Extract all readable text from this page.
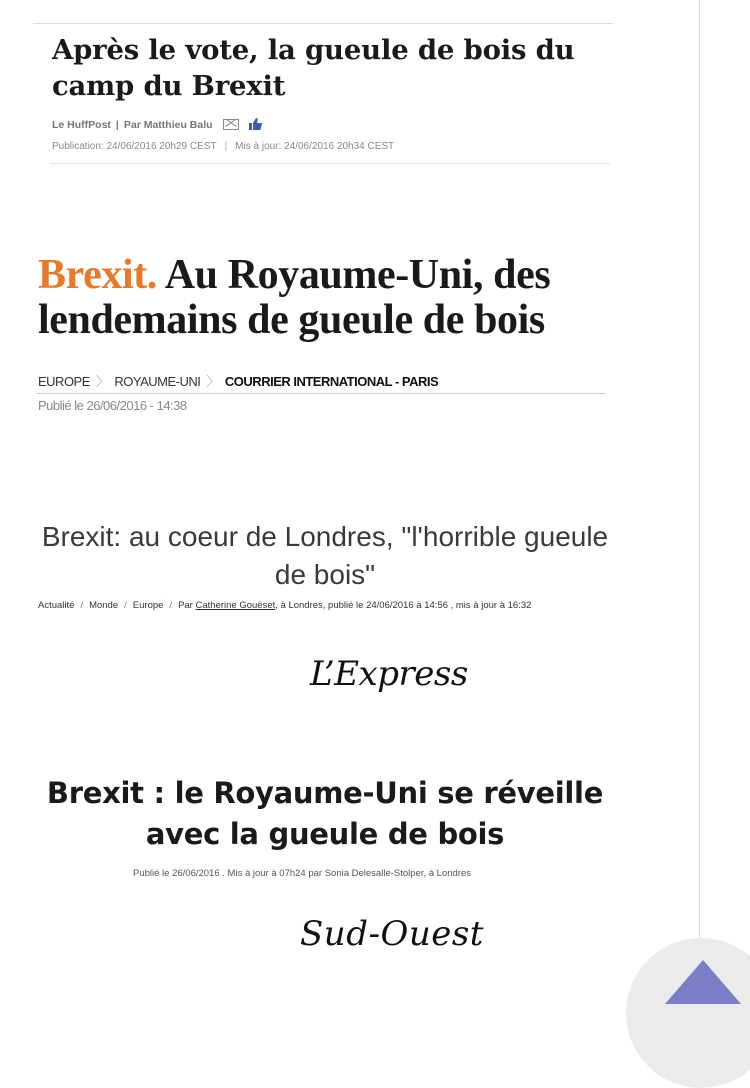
Après le vote, la gueule de bois du camp du Brexit
Le HuffPost | Par Matthieu Balu
Publication: 24/06/2016 20h29 CEST | Mis à jour: 24/06/2016 20h34 CEST
Brexit. Au Royaume-Uni, des lendemains de gueule de bois
EUROPE 〉 ROYAUME-UNI 〉 COURRIER INTERNATIONAL - PARIS
Publié le 26/06/2016 - 14:38
Brexit: au coeur de Londres, "l'horrible gueule de bois"
Actualité / Monde / Europe / Par Catherine Gouëset, à Londres, publié le 24/06/2016 à 14:56 , mis à jour à 16:32
L’Express
Brexit : le Royaume-Uni se réveille avec la gueule de bois
Publié le 26/06/2016 . Mis à jour à 07h24 par Sonia Delesalle-Stolper, à Londres
Sud-Ouest
